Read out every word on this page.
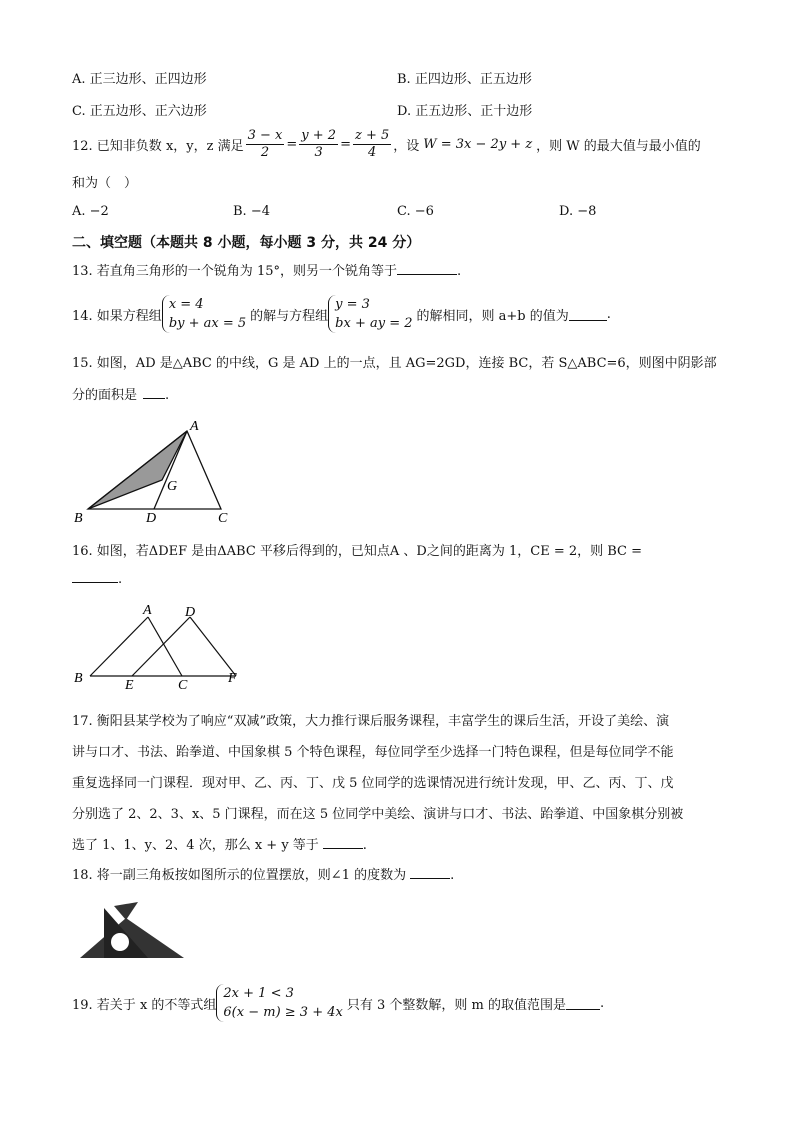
A. 正三边形、正四边形	B. 正四边形、正五边形
C. 正五边形、正六边形	D. 正五边形、正十边形
12. 已知非负数 x，y，z 满足 $\frac{3 - x}{2} = \frac{y + 2}{3} = \frac{z + 5}{4}$ ，设 W = 3x − 2y + z ，则 W 的最大值与最小值的
和为（　）
A. −2	B. −4	C. −6	D. −8
二、填空题（本题共 8 小题，每小题 3 分，共 24 分）
13. 若直角三角形的一个锐角为 15°，则另一个锐角等于	.
14. 如果方程组
x = 4
by + ax = 5 的解与方程组
y = 3
bx + ay = 2 的解相同，则 a+b 的值为	.
15. 如图，AD 是△ABC 的中线，G 是 AD 上的一点，且 AG=2GD，连接 BC，若 S△ABC=6，则图中阴影部
分的面积是 .
A
B	D	C
G
16. 如图，若ΔDEF 是由ΔABC 平移后得到的，已知点A 、D之间的距离为 1，CE = 2，则 BC =
.
A D
B	E	C	F
17. 衡阳县某学校为了响应“双减”政策，大力推行课后服务课程，丰富学生的课后生活，开设了美绘、演
讲与口才、书法、跆拳道、中国象棋 5 个特色课程，每位同学至少选择一门特色课程，但是每位同学不能
重复选择同一门课程．现对甲、乙、丙、丁、戊 5 位同学的选课情况进行统计发现，甲、乙、丙、丁、戊
分别选了 2、2、3、x、5 门课程，而在这 5 位同学中美绘、演讲与口才、书法、跆拳道、中国象棋分别被
选了 1、1、y、2、4 次，那么 x + y 等于	.
18. 将一副三角板按如图所示的位置摆放，则∠1 的度数为	.
1
19. 若关于 x 的不等式组
2x + 1 < 3
6(x − m) ≥ 3 + 4x 只有 3 个整数解，则 m 的取值范围是	.
